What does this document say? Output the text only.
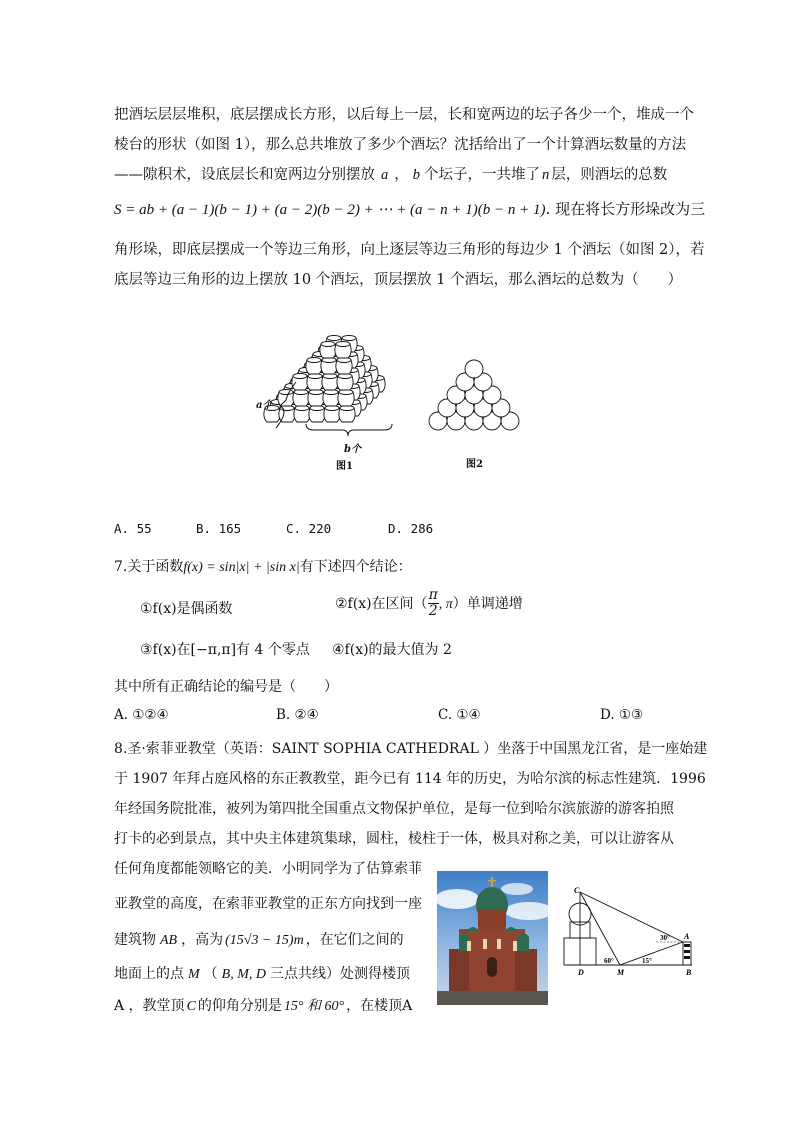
把酒坛层层堆积，底层摆成长方形，以后每上一层，长和宽两边的坛子各少一个，堆成一个
棱台的形状（如图 1），那么总共堆放了多少个酒坛？沈括给出了一个计算酒坛数量的方法
——隙积术，设底层长和宽两边分别摆放 a ， b 个坛子，一共堆了 n 层，则酒坛的总数
S = ab + (a − 1)(b − 1) + (a − 2)(b − 2) + ⋯ + (a − n + 1)(b − n + 1). 现在将长方形垛改为三
角形垛，即底层摆成一个等边三角形，向上逐层等边三角形的每边少 1 个酒坛（如图 2），若
底层等边三角形的边上摆放 10 个酒坛，顶层摆放 1 个酒坛，那么酒坛的总数为（　　）
图1
a个
b个
图2
A. 55	B. 165	C. 220	D. 286
7.关于函数f(x) = sin|x| + |sin x|有下述四个结论：
①f(x)是偶函数	②f(x)在区间（ $\frac{\pi}{2}$ , π）单调递增
③f(x)在[−π,π]有 4 个零点 ④f(x)的最大值为 2
其中所有正确结论的编号是（　　）
A. ①②④	B. ②④	C. ①④	D. ①③
8.圣·索菲亚教堂（英语：SAINT SOPHIA CATHEDRAL ）坐落于中国黑龙江省，是一座始建
于 1907 年拜占庭风格的东正教教堂，距今已有 114 年的历史，为哈尔滨的标志性建筑．1996
年经国务院批准，被列为第四批全国重点文物保护单位，是每一位到哈尔滨旅游的游客拍照
打卡的必到景点，其中央主体建筑集球，圆柱，棱柱于一体，极具对称之美，可以让游客从
任何角度都能领略它的美．小明同学为了估算索菲
亚教堂的高度，在索菲亚教堂的正东方向找到一座
建筑物 AB ，高为 (15√3 − 15)m ，在它们之间的
地面上的点 M （ B, M, D 三点共线）处测得楼顶
A ，教堂顶 C 的仰角分别是 15° 和 60° ，在楼顶A
C
A
B
D	M
60°	15°
30°
